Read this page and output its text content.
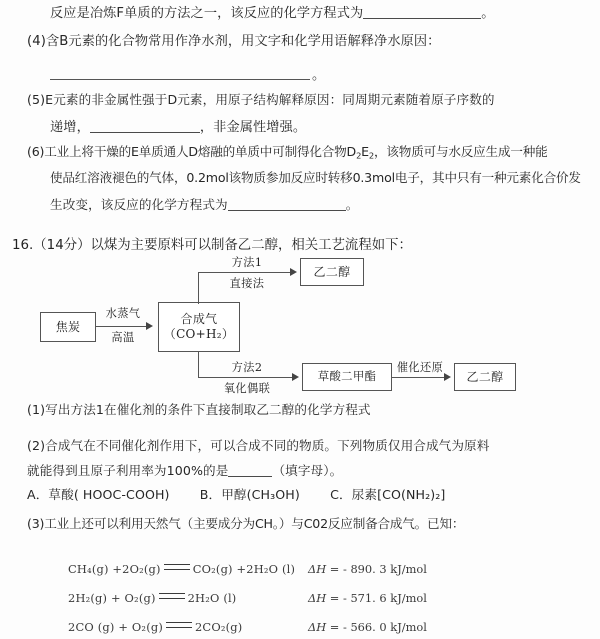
反应是冶炼F单质的方法之一，该反应的化学方程式为	。
(4)含B元素的化合物常用作净水剂，用文字和化学用语解释净水原因：
。
(5)E元素的非金属性强于D元素，用原子结构解释原因：同周期元素随着原子序数的
递增，	，非金属性增强。
(6)工业上将干燥的E单质通人D熔融的单质中可制得化合物$D_2E_2$，该物质可与水反应生成一种能
使品红溶液褪色的气体，0.2mol该物质参加反应时转移0.3mol电子，其中只有一种元素化合价发
生改变，该反应的化学方程式为	。
16.（14分）以煤为主要原料可以制备乙二醇，相关工艺流程如下：
焦炭
水蒸气
高温
合成气
（CO+H₂）
方法1
直接法
乙二醇
方法2
氧化偶联
草酸二甲酯
催化还原
乙二醇
(1)写出方法1在催化剂的条件下直接制取乙二醇的化学方程式
(2)合成气在不同催化剂作用下，可以合成不同的物质。下列物质仅用合成气为原料
就能得到且原子利用率为100%的是	（填字母）。
A．草酸( HOOC-COOH) B．甲醇(CH₃OH) C．尿素[CO(NH₂)₂]
(3)工业上还可以利用天然气（主要成分为CH。）与C02反应制备合成气。已知：
CH₄(g) +2O₂(g)	CO₂(g) +2H₂O (l) ΔH = - 890. 3 kJ/mol
2H₂(g) + O₂(g)	2H₂O (l)	ΔH = - 571. 6 kJ/mol
2CO (g) + O₂(g)	2CO₂(g)	ΔH = - 566. 0 kJ/mol
